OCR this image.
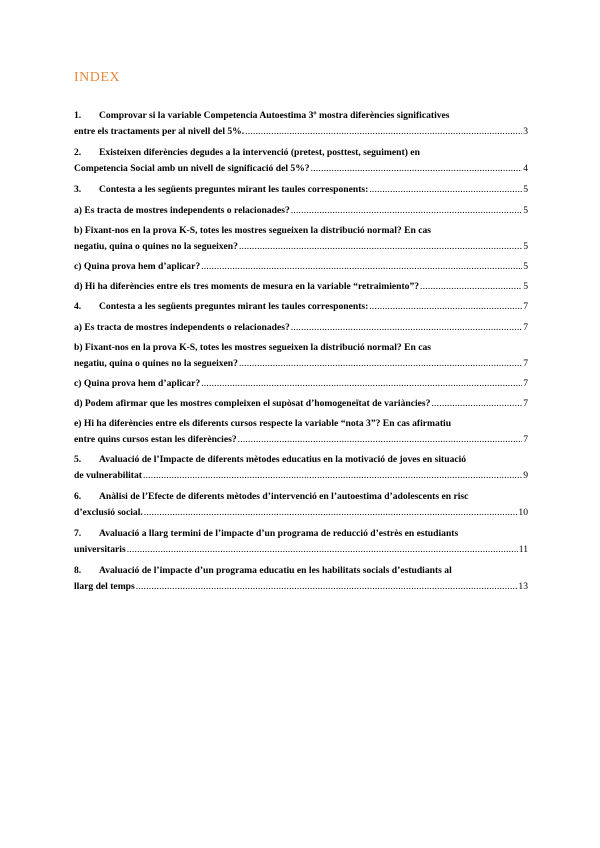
INDEX
1.	Comprovar si la variable Competencia Autoestima 3º mostra diferències significatives
entre els tractaments per al nivell del 5%. .....	3
2.	Existeixen diferències degudes a la intervenció (pretest, posttest, seguiment) en
Competencia Social amb un nivell de significació del 5%? .....	4
3.	Contesta a les següents preguntes mirant les taules corresponents: .....	5
a) Es tracta de mostres independents o relacionades? .....	5
b) Fixant-nos en la prova K-S, totes les mostres segueixen la distribució normal? En cas
negatiu, quina o quines no la segueixen? .....	5
c) Quina prova hem d’aplicar? .....	5
d) Hi ha diferències entre els tres moments de mesura en la variable “retraimiento”? .....	5
4.	Contesta a les següents preguntes mirant les taules corresponents: .....	7
a) Es tracta de mostres independents o relacionades? .....	7
b) Fixant-nos en la prova K-S, totes les mostres segueixen la distribució normal? En cas
negatiu, quina o quines no la segueixen? .....	7
c) Quina prova hem d’aplicar? .....	7
d) Podem afirmar que les mostres compleixen el supòsat d’homogeneïtat de variàncies? .....	7
e) Hi ha diferències entre els diferents cursos respecte la variable “nota 3”? En cas afirmatiu
entre quins cursos estan les diferències? .....	7
5.	Avaluació de l’Impacte de diferents mètodes educatius en la motivació de joves en situació
de vulnerabilitat .....	9
6.	Anàlisi de l’Efecte de diferents mètodes d’intervenció en l’autoestima d’adolescents en risc
d’exclusió social. .....	10
7.	Avaluació a llarg termini de l’impacte d’un programa de reducció d’estrès en estudiants
universitaris .....	11
8.	Avaluació de l’impacte d’un programa educatiu en les habilitats socials d’estudiants al
llarg del temps .....	13
